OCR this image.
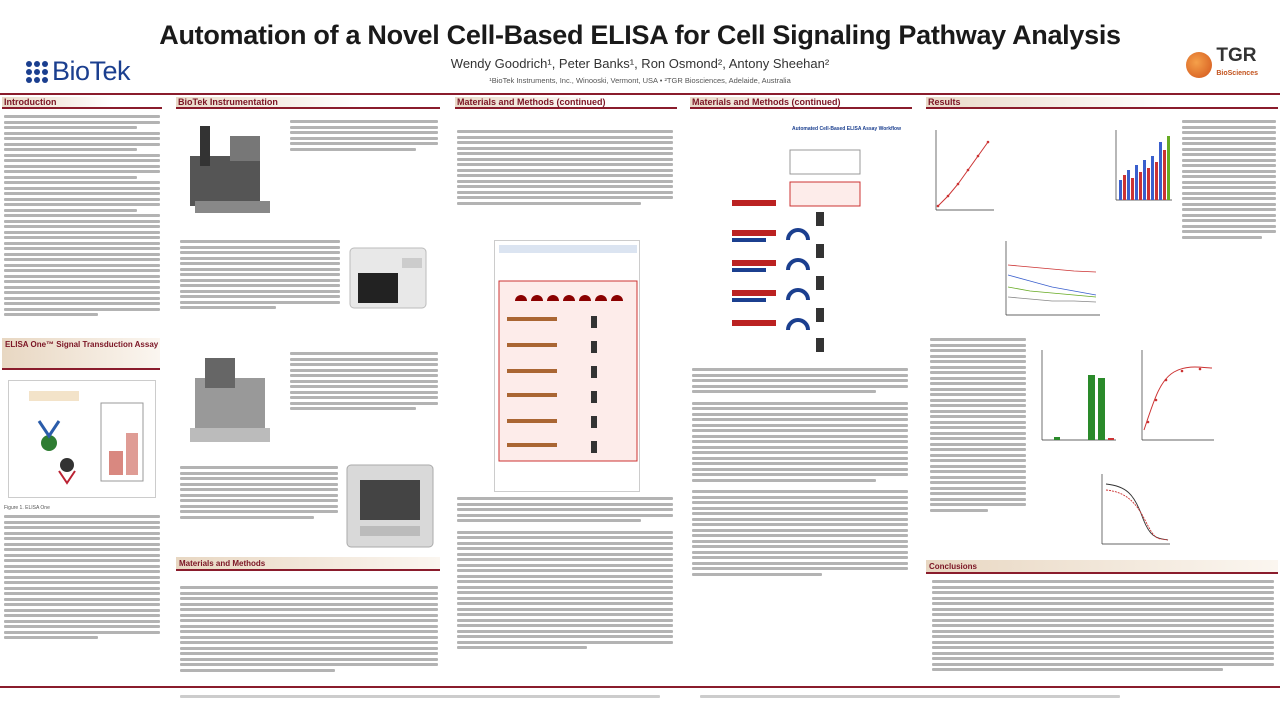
BioTek
Automation of a Novel Cell-Based ELISA for Cell Signaling Pathway Analysis
Wendy Goodrich¹, Peter Banks¹, Ron Osmond², Antony Sheehan²
¹BioTek Instruments, Inc., Winooski, Vermont, USA • ²TGR Biosciences, Adelaide, Australia
TGR
BioSciences
Introduction
ELISA One™ Signal Transduction Assay
Figure 1. ELISA One
BioTek Instrumentation
Materials and Methods
Materials and Methods (continued)	Materials and Methods (continued)
Automated Cell-Based ELISA Assay Workflow
Results
Conclusions
